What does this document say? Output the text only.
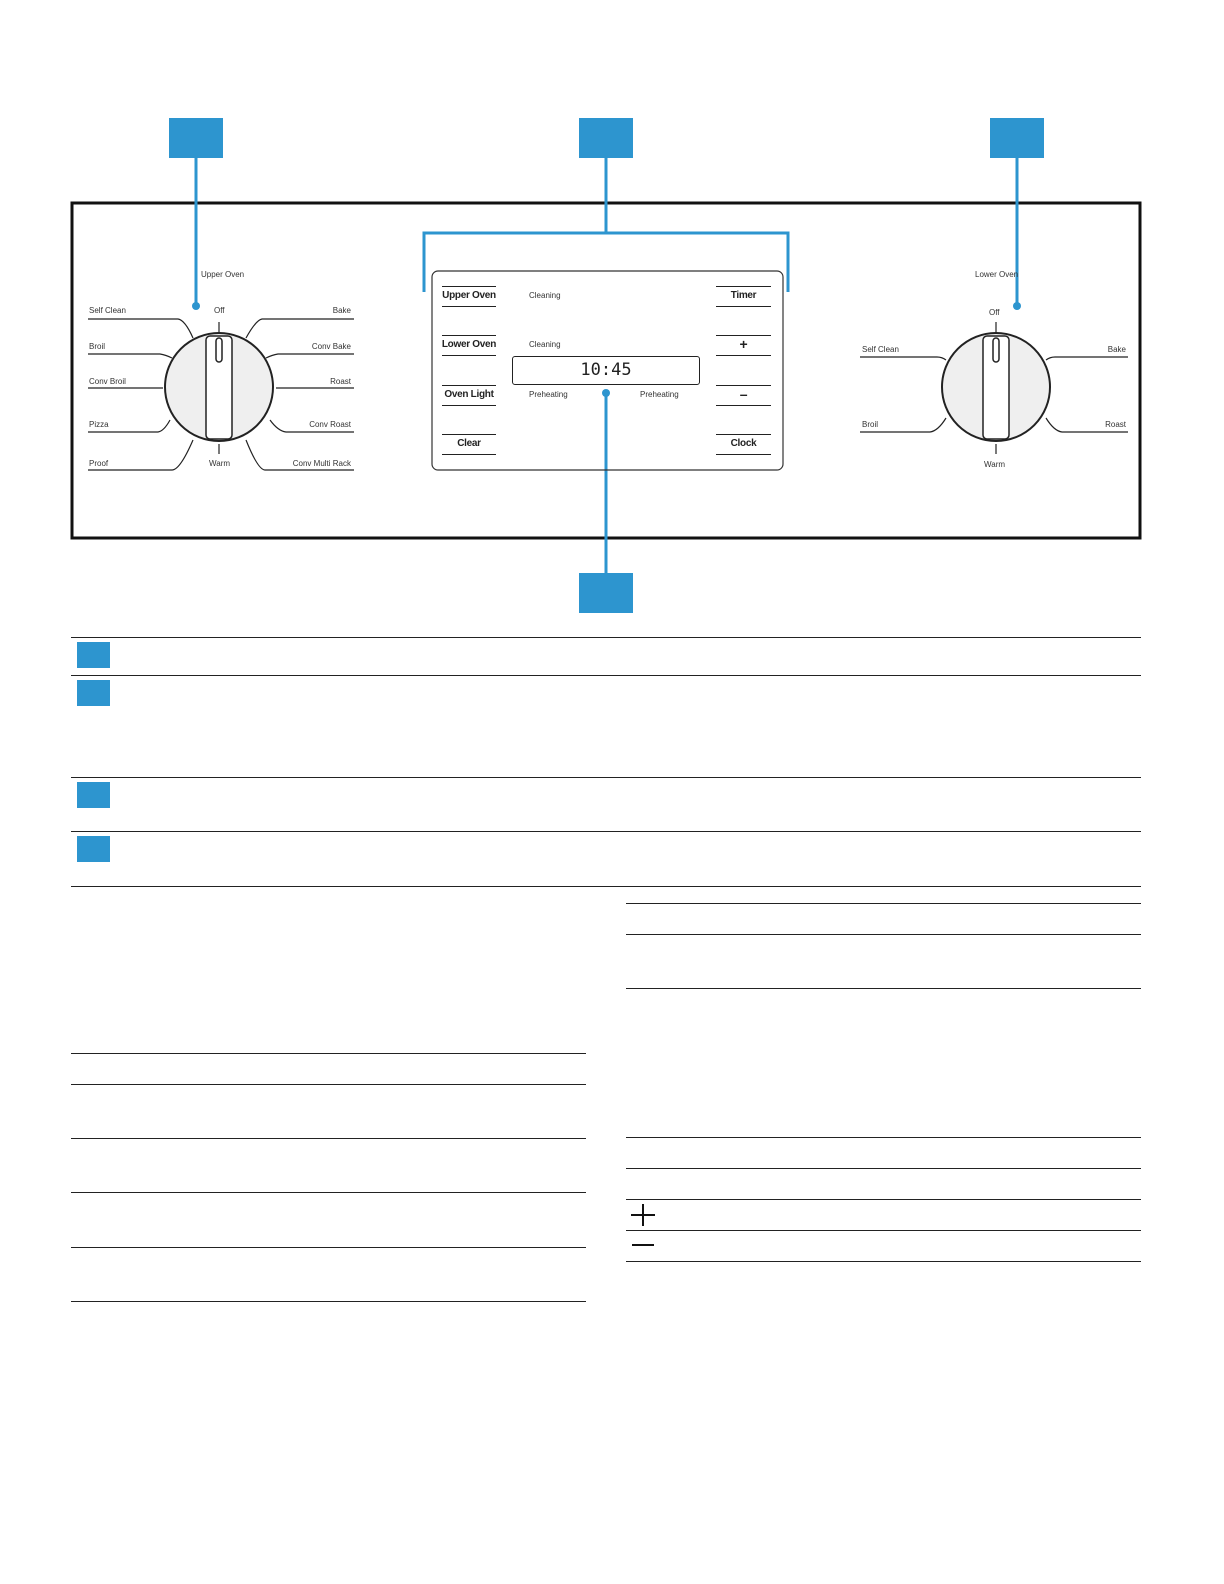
Upper Oven
Off
Warm
Self Clean
Broil
Conv Broil
Pizza
Proof
Bake
Conv Bake
Roast
Conv Roast
Conv Multi Rack
Upper Oven
Lower Oven
Oven Light
Clear
Timer
+
–
Clock
Cleaning
Cleaning
10:45
Preheating	Preheating
Lower Oven
Off
Warm
Self Clean
Broil
Bake
Roast
